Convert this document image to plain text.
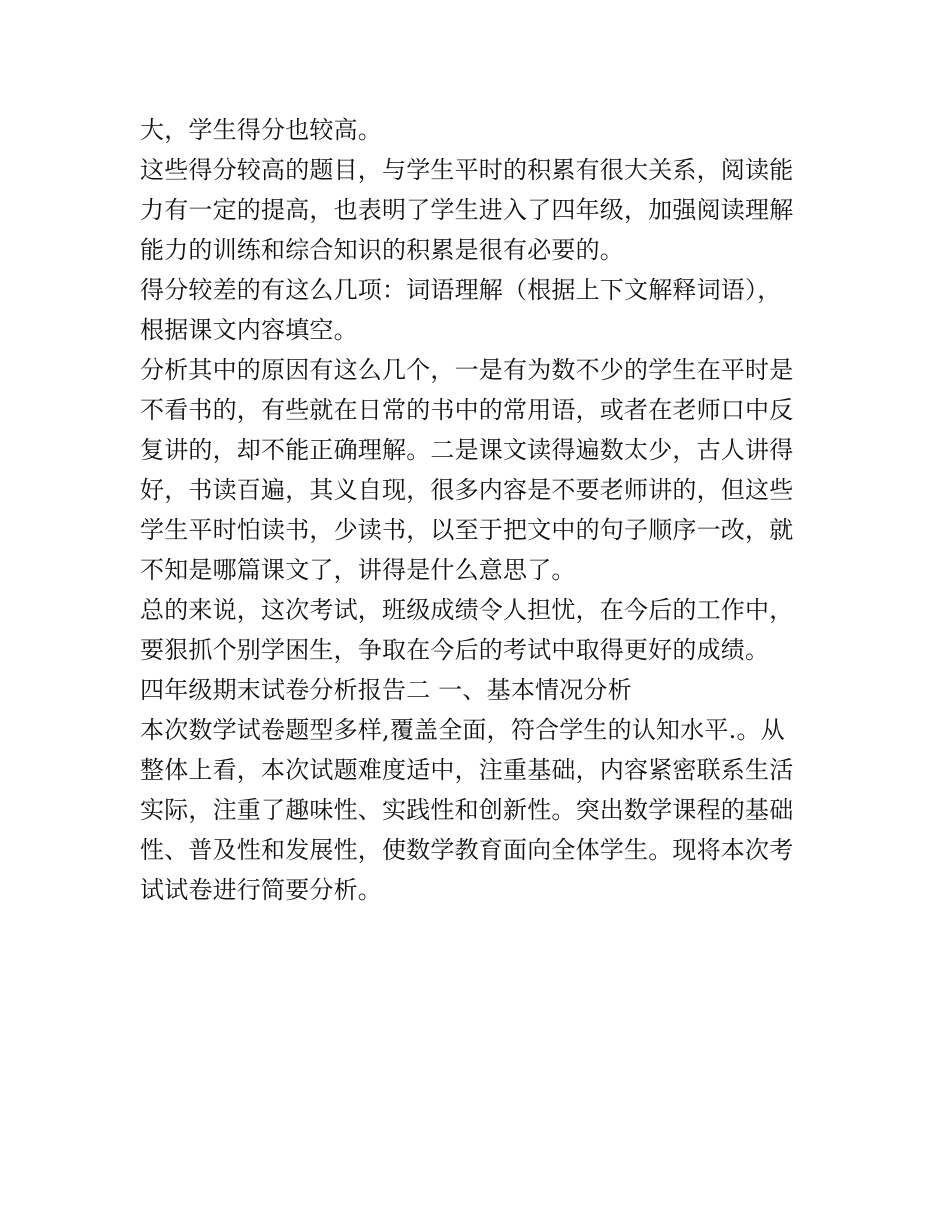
大，学生得分也较高。

这些得分较高的题目，与学生平时的积累有很大关系，阅读能

力有一定的提高，也表明了学生进入了四年级，加强阅读理解

能力的训练和综合知识的积累是很有必要的。

得分较差的有这么几项：词语理解（根据上下文解释词语），

根据课文内容填空。

分析其中的原因有这么几个，一是有为数不少的学生在平时是

不看书的，有些就在日常的书中的常用语，或者在老师口中反

复讲的，却不能正确理解。二是课文读得遍数太少，古人讲得

好，书读百遍，其义自现，很多内容是不要老师讲的，但这些

学生平时怕读书，少读书，以至于把文中的句子顺序一改，就

不知是哪篇课文了，讲得是什么意思了。

总的来说，这次考试，班级成绩令人担忧，在今后的工作中，

要狠抓个别学困生，争取在今后的考试中取得更好的成绩。

四年级期末试卷分析报告二 一、基本情况分析

本次数学试卷题型多样,覆盖全面，符合学生的认知水平.。从

整体上看，本次试题难度适中，注重基础，内容紧密联系生活

实际，注重了趣味性、实践性和创新性。突出数学课程的基础

性、普及性和发展性，使数学教育面向全体学生。现将本次考

试试卷进行简要分析。
